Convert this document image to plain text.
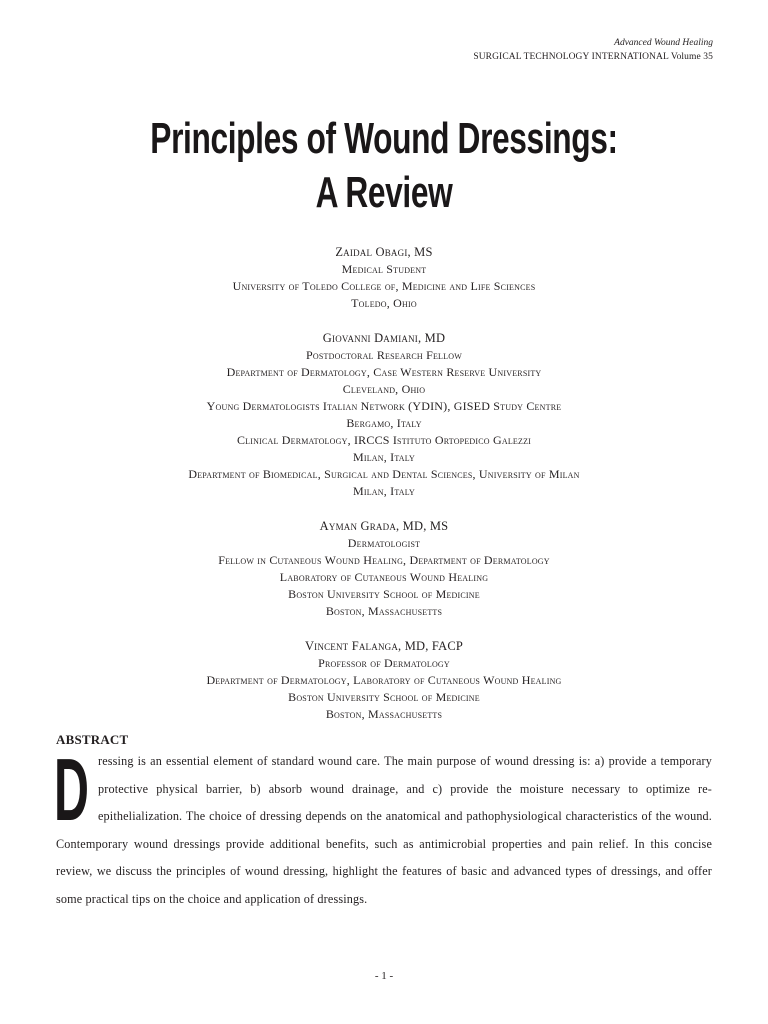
Advanced Wound Healing
SURGICAL TECHNOLOGY INTERNATIONAL Volume 35
Principles of Wound Dressings:
A Review
Zaidal Obagi, MS
Medical Student
University of Toledo College of, Medicine and Life Sciences
Toledo, Ohio
Giovanni Damiani, MD
Postdoctoral Research Fellow
Department of Dermatology, Case Western Reserve University
Cleveland, Ohio
Young Dermatologists Italian Network (YDIN), GISED Study Centre
Bergamo, Italy
Clinical Dermatology, IRCCS Istituto Ortopedico Galezzi
Milan, Italy
Department of Biomedical, Surgical and Dental Sciences, University of Milan
Milan, Italy
Ayman Grada, MD, MS
Dermatologist
Fellow in Cutaneous Wound Healing, Department of Dermatology
Laboratory of Cutaneous Wound Healing
Boston University School of Medicine
Boston, Massachusetts
Vincent Falanga, MD, FACP
Professor of Dermatology
Department of Dermatology, Laboratory of Cutaneous Wound Healing
Boston University School of Medicine
Boston, Massachusetts
ABSTRACT
Dressing is an essential element of standard wound care. The main purpose of wound dressing is: a) provide a temporary protective physical barrier, b) absorb wound drainage, and c) provide the moisture necessary to optimize re-epithelialization. The choice of dressing depends on the anatomical and pathophysiological characteristics of the wound. Contemporary wound dressings provide additional benefits, such as antimicrobial properties and pain relief. In this concise review, we discuss the principles of wound dressing, highlight the features of basic and advanced types of dressings, and offer some practical tips on the choice and application of dressings.
- 1 -
